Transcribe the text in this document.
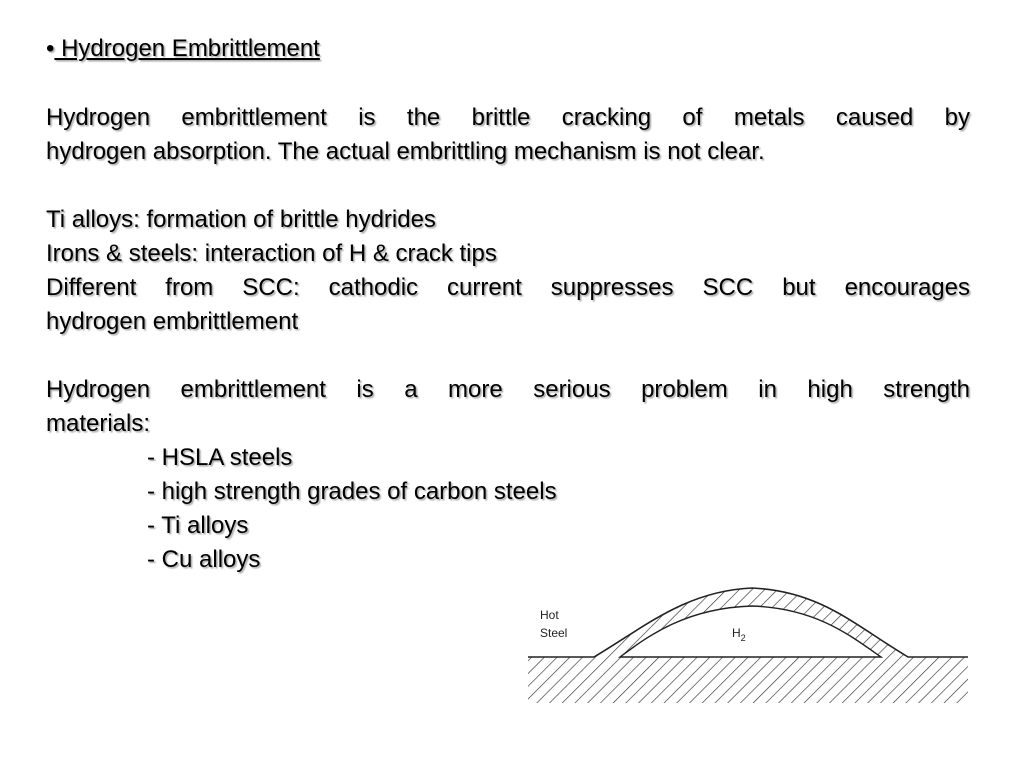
• Hydrogen Embrittlement

Hydrogen embrittlement is the brittle cracking of metals caused by

hydrogen absorption. The actual embrittling mechanism is not clear.

Ti alloys: formation of brittle hydrides

Irons & steels: interaction of H & crack tips

Different from SCC: cathodic current suppresses SCC but encourages

hydrogen embrittlement

Hydrogen embrittlement is a more serious problem in high strength

materials:

- HSLA steels

- high strength grades of carbon steels

- Ti alloys

- Cu alloys

Hot
Steel	$H_2$
